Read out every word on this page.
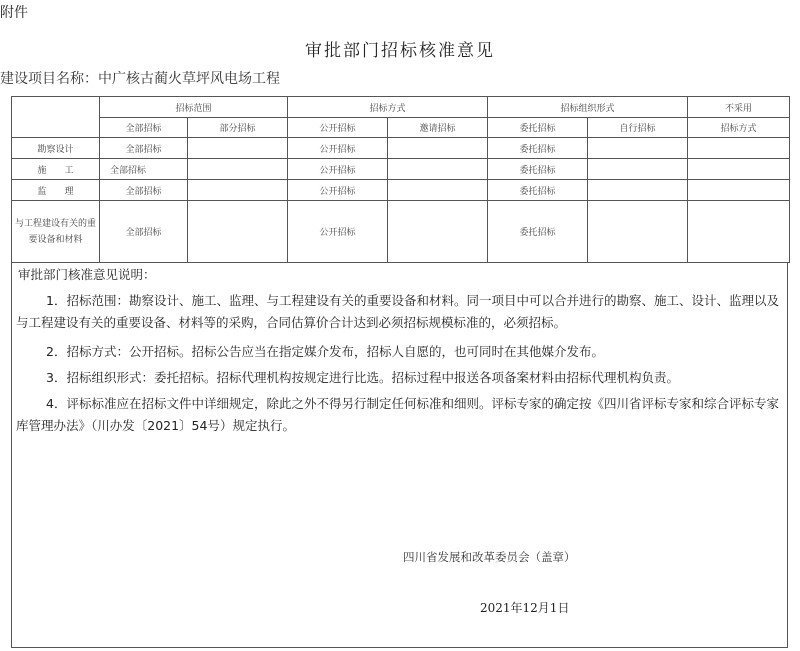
附件
审批部门招标核准意见
建设项目名称：中广核古蔺火草坪风电场工程
	招标范围		招标方式		招标组织形式		不采用
	全部招标	部分招标	公开招标	邀请招标	委托招标	自行招标	招标方式
勘察设计	全部招标		公开招标		委托招标		
施　　工	全部招标		公开招标		委托招标		
监　　理	全部招标		公开招标		委托招标		
与工程建设有关的重要设备和材料	全部招标		公开招标		委托招标		
审批部门核准意见说明：
1．招标范围：勘察设计、施工、监理、与工程建设有关的重要设备和材料。同一项目中可以合并进行的勘察、施工、设计、监理以及与工程建设有关的重要设备、材料等的采购，合同估算价合计达到必须招标规模标准的，必须招标。
2．招标方式：公开招标。招标公告应当在指定媒介发布，招标人自愿的，也可同时在其他媒介发布。
3．招标组织形式：委托招标。招标代理机构按规定进行比选。招标过程中报送各项备案材料由招标代理机构负责。
4．评标标准应在招标文件中详细规定，除此之外不得另行制定任何标准和细则。评标专家的确定按《四川省评标专家和综合评标专家库管理办法》（川办发〔2021〕54号）规定执行。
四川省发展和改革委员会（盖章）
2021年12月1日
